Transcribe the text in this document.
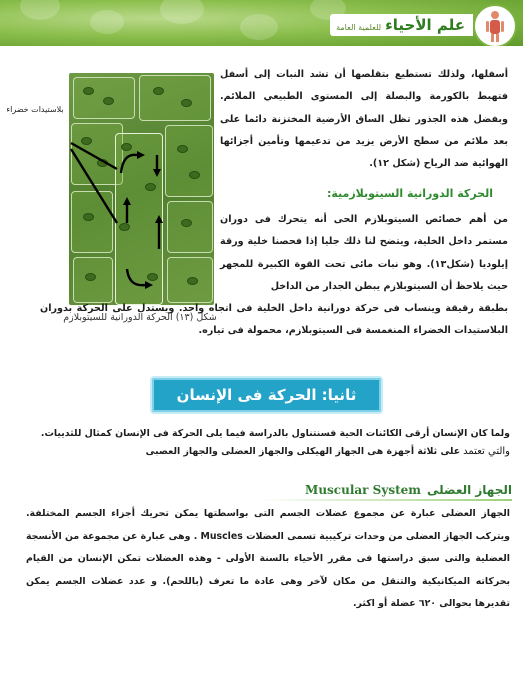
علم الأحياء
للعلمية العامة
بلاستيدات خضراء
شكل (١٣) الحركة الدورانية للسيتوبلازم
أسفلها، ولذلك تستطيع بتقلصها أن تشد النبات إلى أسفل فتهبط بالكورمة والبصلة إلى المستوى الطبيعي الملائم. وبفضل هذه الجذور تظل الساق الأرضية المختزنة دائما على بعد ملائم من سطح الأرض يزيد من تدعيمها وتأمين أجزائها الهوائية ضد الرياح (شكل ١٢).
الحركة الدورانية السيتوبلازمية:
من أهم خصائص السيتوبلازم الحى أنه يتحرك فى دوران مستمر داخل الخلية، ويتضح لنا ذلك جليا إذا فحصنا خلية ورقة إيلوديا (شكل١٣). وهو نبات مائى تحت القوة الكبيرة للمجهر حيث يلاحظ أن السيتوبلازم يبطن الجدار من الداخل
بطبقة رقيقة وينساب فى حركة دورانية داخل الخلية فى اتجاه واحد. ويستدل على الحركة بدوران البلاستيدات الخضراء المنغمسة فى السيتوبلازم، محمولة فى تياره.
ثانيا: الحركة فى الإنسان
ولما كان الإنسان أرقى الكائنات الحية فسنتناول بالدراسة فيما يلى الحركة فى الإنسان كمثال للثدييات.
والتي تعتمد على ثلاثة أجهزة هى الجهاز الهيكلى والجهاز العضلى والجهاز العصبى
Muscular System الجهاز العضلى
الجهاز العضلى عبارة عن مجموع عضلات الجسم التى بواسطتها يمكن تحريك أجزاء الجسم المختلفة. ويتركب الجهاز العضلى من وحدات تركيبية تسمى العضلات Muscles . وهى عبارة عن مجموعة من الأنسجة العضلية والتى سبق دراستها فى مقرر الأحياء بالسنة الأولى - وهذه العضلات تمكن الإنسان من القيام بحركاته الميكانيكية والتنقل من مكان لآخر وهى عادة ما تعرف (باللحم). و عدد عضلات الجسم يمكن تقديرها بحوالى ٦٢٠ عضلة أو اكثر.
